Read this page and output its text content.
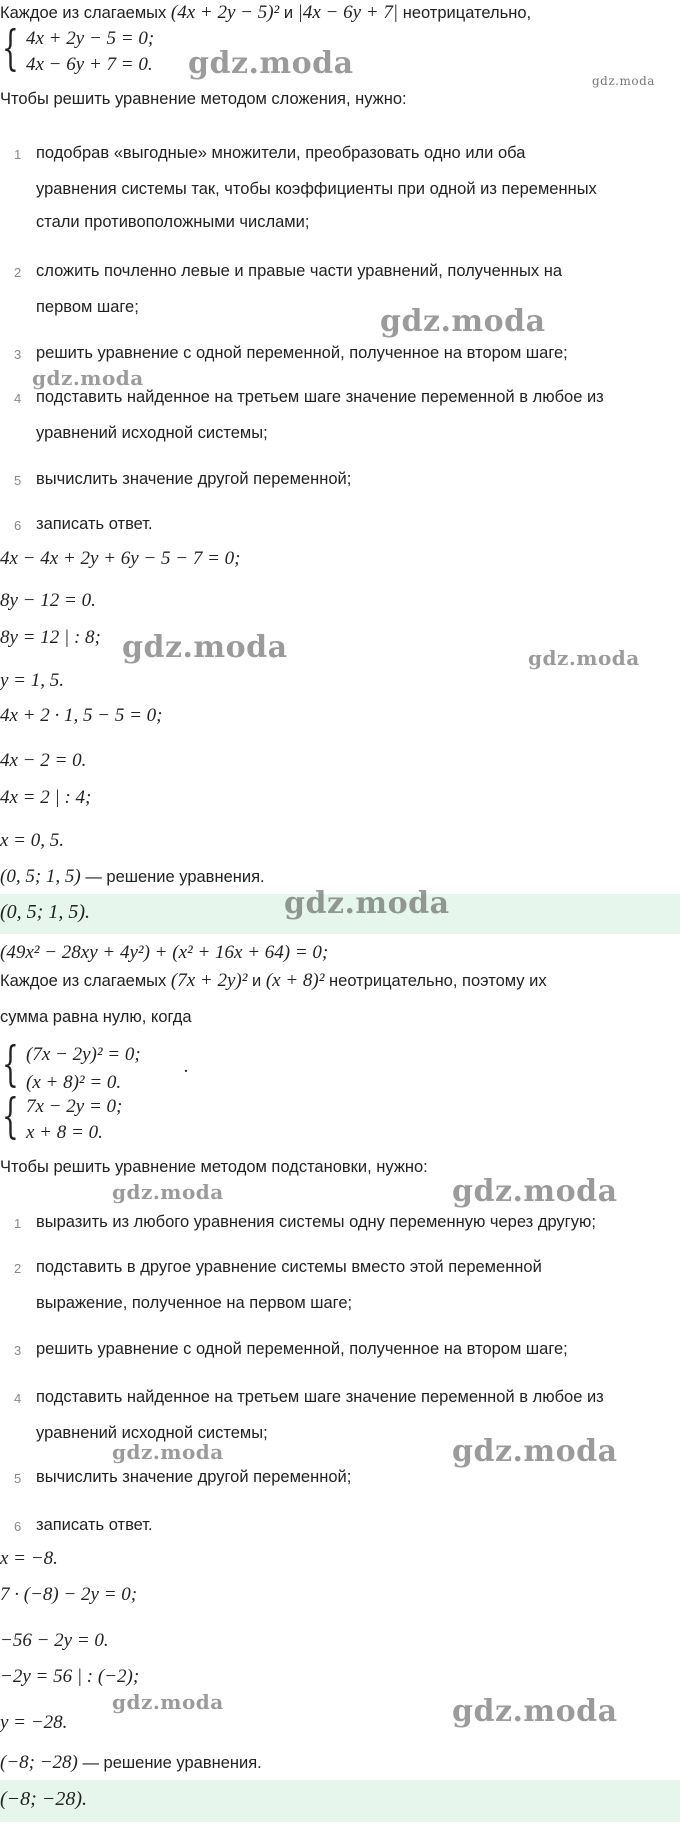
Каждое из слагаемых (4x + 2y − 5)² и |4x − 6y + 7| неотрицательно,
{ 4x + 2y − 5 = 0;
4x − 6y + 7 = 0. gdz.moda	gdz.moda
Чтобы решить уравнение методом сложения, нужно:
1 подобрав «выгодные» множители, преобразовать одно или оба
уравнения системы так, чтобы коэффициенты при одной из переменных
стали противоположными числами;
2 сложить почленно левые и правые части уравнений, полученных на
первом шаге;
3 решить уравнение с одной переменной, полученное на втором шаге;
4 подставить найденное на третьем шаге значение переменной в любое из
уравнений исходной системы;
5 вычислить значение другой переменной;
6 записать ответ.
gdz.moda
gdz.moda
4x − 4x + 2y + 6y − 5 − 7 = 0;
8y − 12 = 0.
8y = 12 | : 8; gdz.moda	gdz.moda
y = 1, 5.
4x + 2 · 1, 5 − 5 = 0;
4x − 2 = 0.
4x = 2 | : 4;
x = 0, 5.
(0, 5; 1, 5) — решение уравнения.
(0, 5; 1, 5).	gdz.moda
(49x² − 28xy + 4y²) + (x² + 16x + 64) = 0;
Каждое из слагаемых (7x + 2y)² и (x + 8)² неотрицательно, поэтому их
сумма равна нулю, когда
{ (7x − 2y)² = 0;
(x + 8)² = 0.
.
{ 7x − 2y = 0;
x + 8 = 0.
Чтобы решить уравнение методом подстановки, нужно:
gdz.moda	gdz.moda
1 выразить из любого уравнения системы одну переменную через другую;
2 подставить в другое уравнение системы вместо этой переменной
выражение, полученное на первом шаге;
3 решить уравнение с одной переменной, полученное на втором шаге;
4 подставить найденное на третьем шаге значение переменной в любое из
уравнений исходной системы;
5 вычислить значение другой переменной;
6 записать ответ.
gdz.moda	gdz.moda
x = −8.
7 · (−8) − 2y = 0;
−56 − 2y = 0.
−2y = 56 | : (−2);
gdz.moda
y = −28.	gdz.moda
(−8; −28) — решение уравнения.
(−8; −28).
